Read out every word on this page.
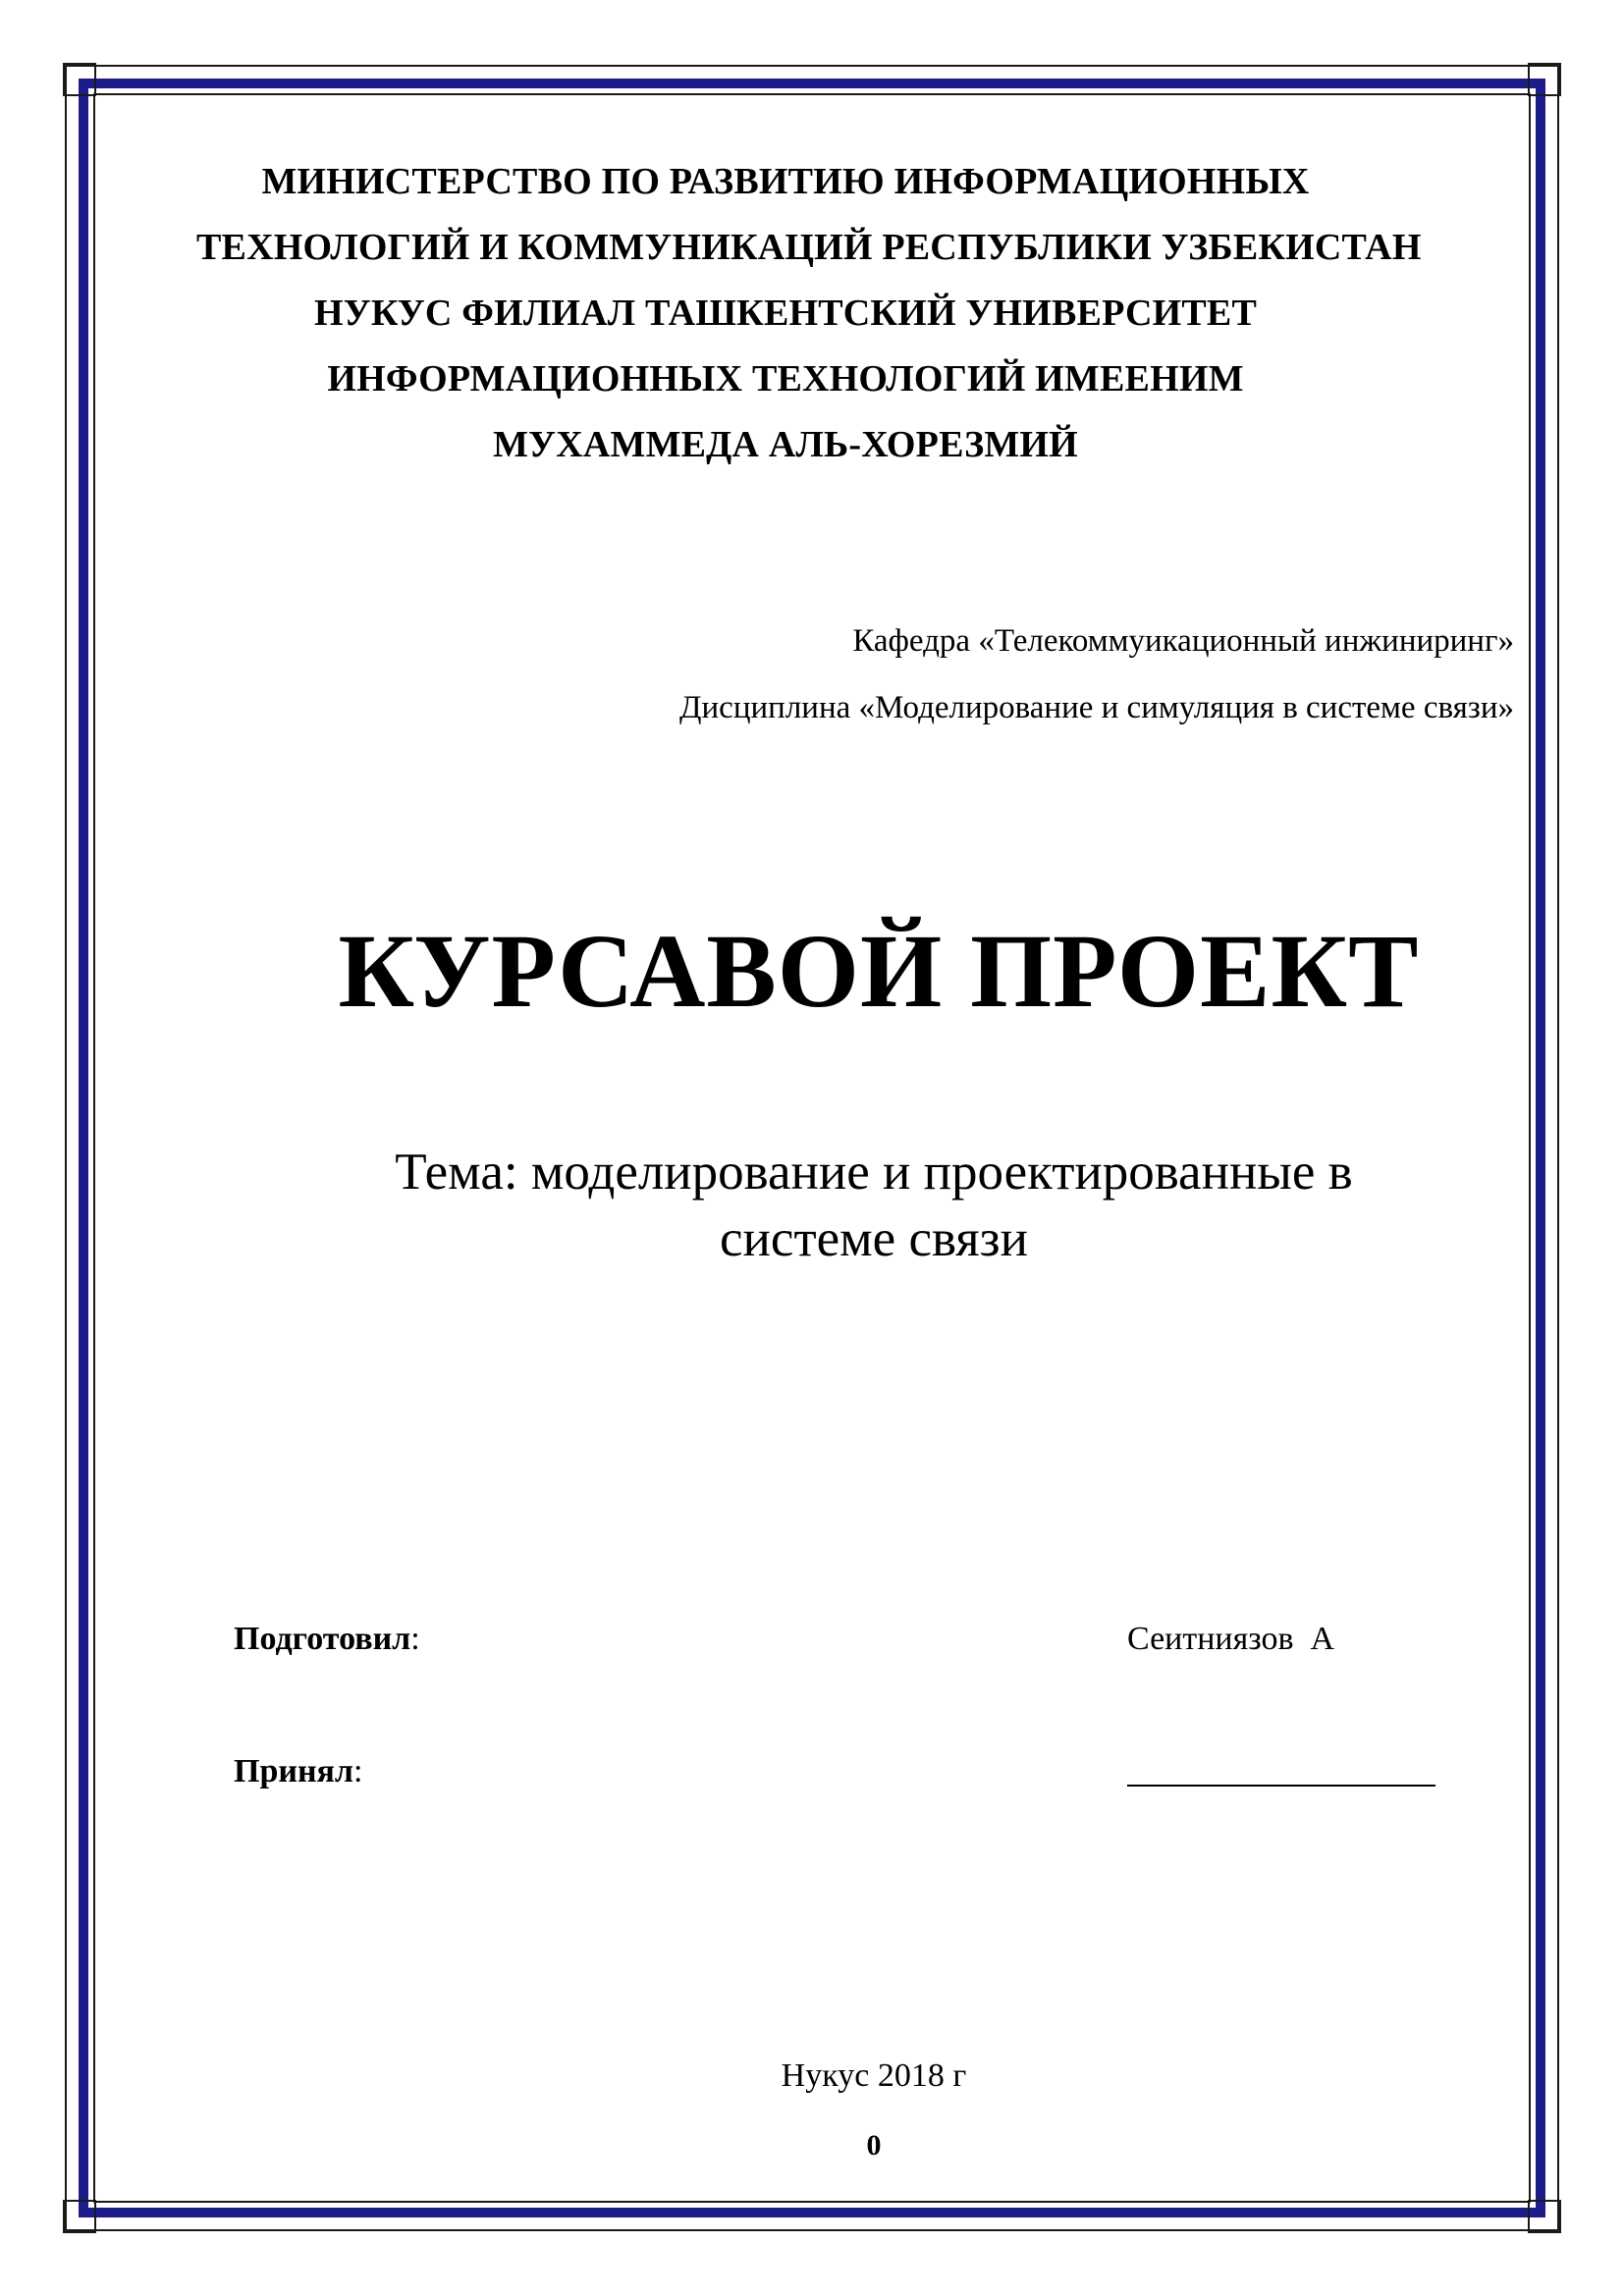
МИНИСТЕРСТВО ПО РАЗВИТИЮ ИНФОРМАЦИОННЫХ
ТЕХНОЛОГИЙ И КОММУНИКАЦИЙ РЕСПУБЛИКИ УЗБЕКИСТАН
НУКУС ФИЛИАЛ ТАШКЕНТСКИЙ УНИВЕРСИТЕТ
ИНФОРМАЦИОННЫХ ТЕХНОЛОГИЙ ИМЕЕНИМ
МУХАММЕДА АЛЬ-ХОРЕЗМИЙ
Кафедра «Телекоммуикационный инжиниринг»
Дисциплина «Моделирование и симуляция в системе связи»
КУРСАВОЙ ПРОЕКТ
Тема: моделирование и проектированные в
системе связи
Подготовил:	Сеитниязов  А
Принял:
Нукус 2018 г
0
